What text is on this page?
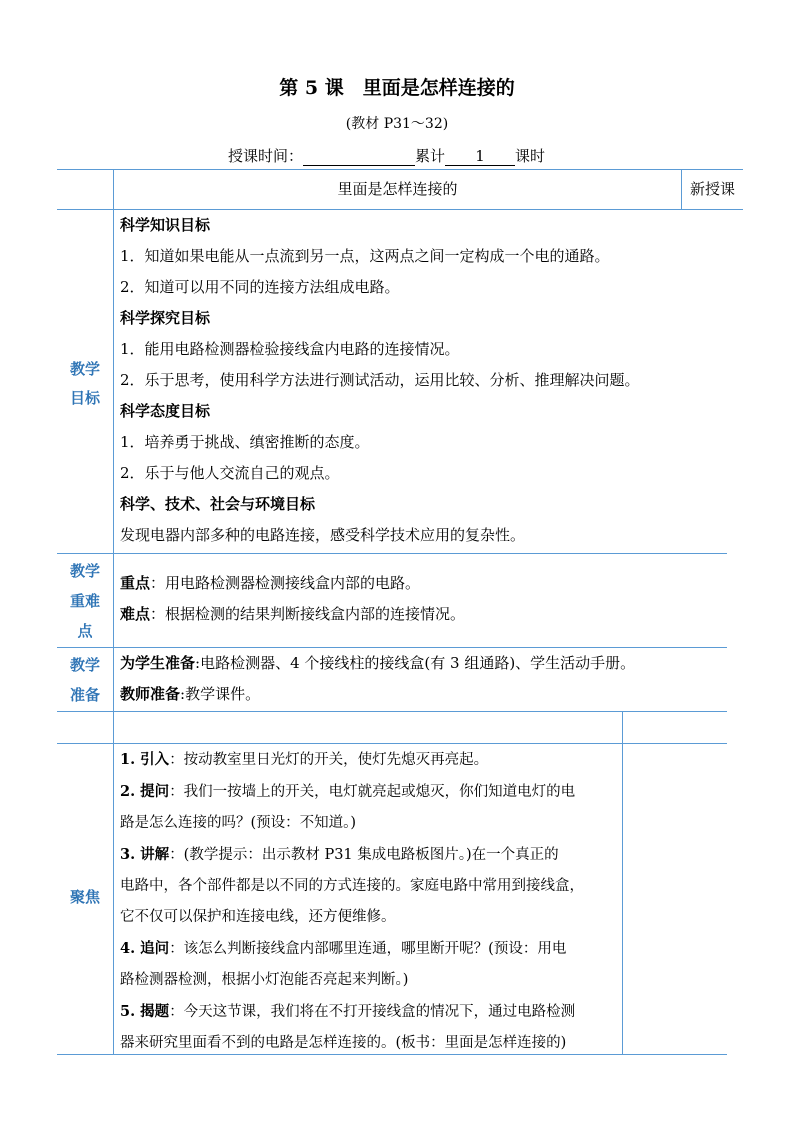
第 5 课　里面是怎样连接的
(教材 P31～32)
授课时间：	累计 1 课时
里面是怎样连接的	新授课
教学
目标

科学知识目标

1．知道如果电能从一点流到另一点，这两点之间一定构成一个电的通路。

2．知道可以用不同的连接方法组成电路。

科学探究目标

1．能用电路检测器检验接线盒内电路的连接情况。

2．乐于思考，使用科学方法进行测试活动，运用比较、分析、推理解决问题。

科学态度目标

1．培养勇于挑战、缜密推断的态度。

2．乐于与他人交流自己的观点。

科学、技术、社会与环境目标

发现电器内部多种的电路连接，感受科学技术应用的复杂性。

教学
重难
点

重点：用电路检测器检测接线盒内部的电路。

难点：根据检测的结果判断接线盒内部的连接情况。

教学
准备

为学生准备:电路检测器、4 个接线柱的接线盒(有 3 组通路)、学生活动手册。

教师准备:教学课件。

聚焦

1. 引入：按动教室里日光灯的开关，使灯先熄灭再亮起。

2. 提问：我们一按墙上的开关，电灯就亮起或熄灭，你们知道电灯的电

路是怎么连接的吗？(预设：不知道。)

3. 讲解：(教学提示：出示教材 P31 集成电路板图片。)在一个真正的

电路中，各个部件都是以不同的方式连接的。家庭电路中常用到接线盒，

它不仅可以保护和连接电线，还方便维修。

4. 追问：该怎么判断接线盒内部哪里连通，哪里断开呢？(预设：用电

路检测器检测，根据小灯泡能否亮起来判断。)

5. 揭题：今天这节课，我们将在不打开接线盒的情况下，通过电路检测

器来研究里面看不到的电路是怎样连接的。(板书：里面是怎样连接的)
